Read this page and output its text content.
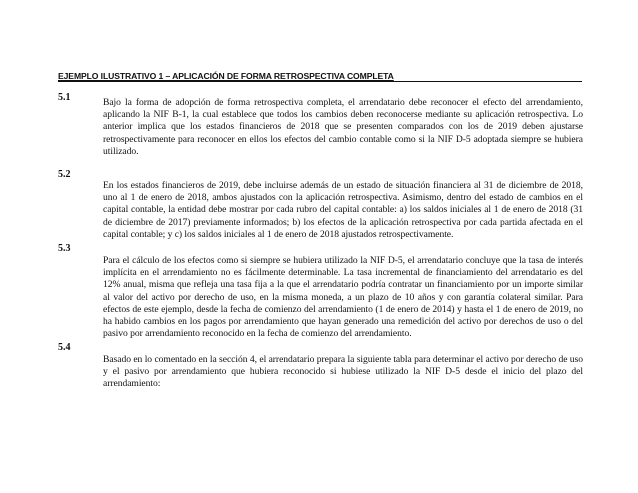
EJEMPLO ILUSTRATIVO 1 – APLICACIÓN DE FORMA RETROSPECTIVA COMPLETA
5.1	Bajo la forma de adopción de forma retrospectiva completa, el arrendatario debe reconocer el efecto del arrendamiento, aplicando la NIF B-1, la cual establece que todos los cambios deben reconocerse mediante su aplicación retrospectiva. Lo anterior implica que los estados financieros de 2018 que se presenten comparados con los de 2019 deben ajustarse retrospectivamente para reconocer en ellos los efectos del cambio contable como si la NIF D-5 adoptada siempre se hubiera utilizado.
5.2
En los estados financieros de 2019, debe incluirse además de un estado de situación financiera al 31 de diciembre de 2018, uno al 1 de enero de 2018, ambos ajustados con la aplicación retrospectiva. Asimismo, dentro del estado de cambios en el capital contable, la entidad debe mostrar por cada rubro del capital contable: a) los saldos iniciales al 1 de enero de 2018 (31 de diciembre de 2017) previamente informados; b) los efectos de la aplicación retrospectiva por cada partida afectada en el capital contable; y c) los saldos iniciales al 1 de enero de 2018 ajustados retrospectivamente.
5.3
Para el cálculo de los efectos como si siempre se hubiera utilizado la NIF D-5, el arrendatario concluye que la tasa de interés implícita en el arrendamiento no es fácilmente determinable. La tasa incremental de financiamiento del arrendatario es del 12% anual, misma que refleja una tasa fija a la que el arrendatario podría contratar un financiamiento por un importe similar al valor del activo por derecho de uso, en la misma moneda, a un plazo de 10 años y con garantía colateral similar. Para efectos de este ejemplo, desde la fecha de comienzo del arrendamiento (1 de enero de 2014) y hasta el 1 de enero de 2019, no ha habido cambios en los pagos por arrendamiento que hayan generado una remedición del activo por derechos de uso o del pasivo por arrendamiento reconocido en la fecha de comienzo del arrendamiento.
5.4
Basado en lo comentado en la sección 4, el arrendatario prepara la siguiente tabla para determinar el activo por derecho de uso y el pasivo por arrendamiento que hubiera reconocido si hubiese utilizado la NIF D-5 desde el inicio del plazo del arrendamiento:
